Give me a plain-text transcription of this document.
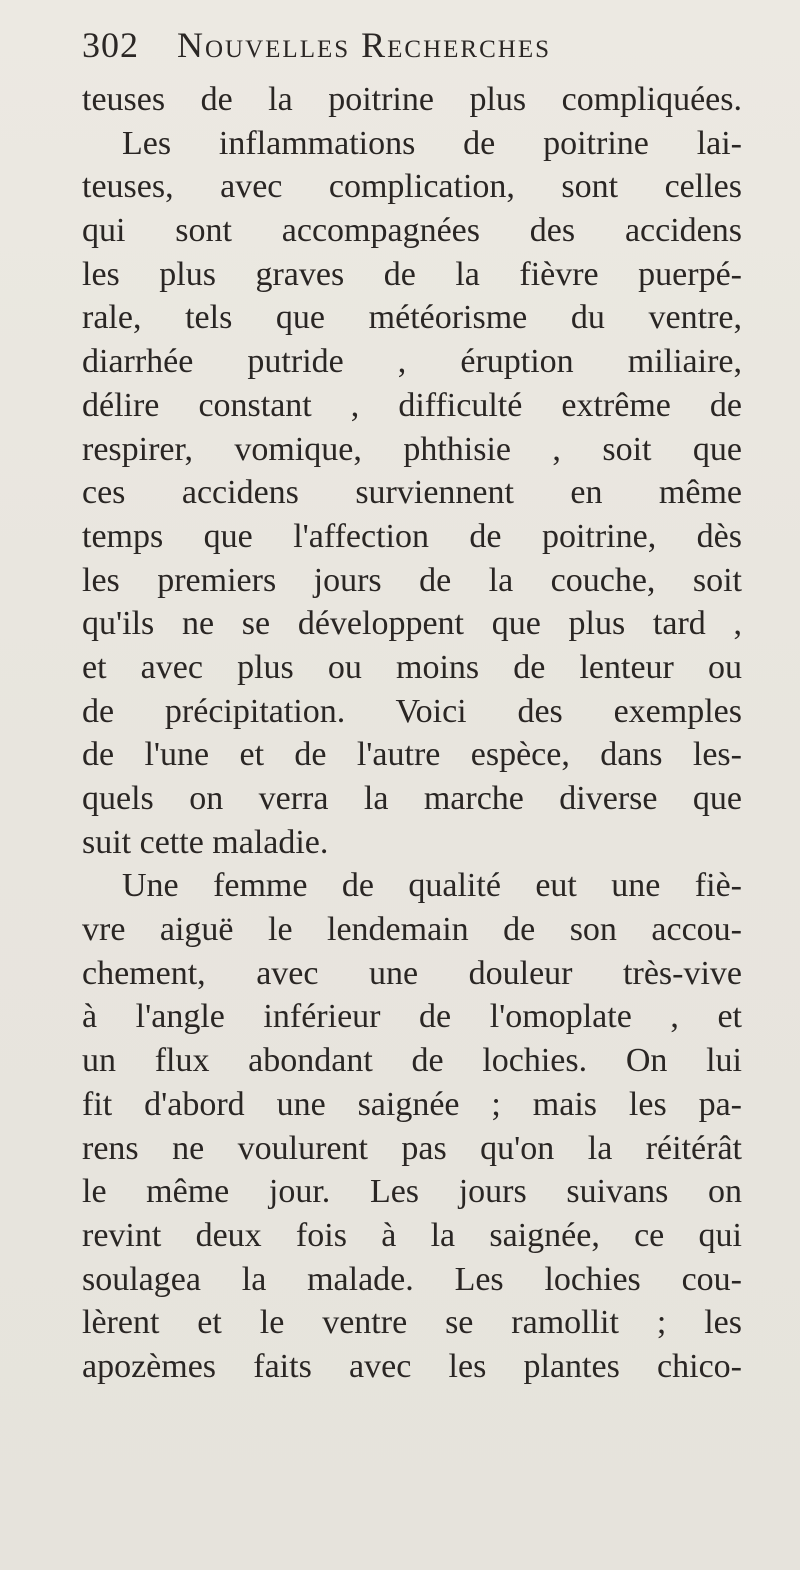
302 Nouvelles Recherches
teuses de la poitrine plus compliquées.
Les inflammations de poitrine lai-
teuses, avec complication, sont celles
qui sont accompagnées des accidens
les plus graves de la fièvre puerpé-
rale, tels que météorisme du ventre,
diarrhée putride , éruption miliaire,
délire constant , difficulté extrême de
respirer, vomique, phthisie , soit que
ces accidens surviennent en même
temps que l'affection de poitrine, dès
les premiers jours de la couche, soit
qu'ils ne se développent que plus tard ,
et avec plus ou moins de lenteur ou
de précipitation. Voici des exemples
de l'une et de l'autre espèce, dans les-
quels on verra la marche diverse que
suit cette maladie.
Une femme de qualité eut une fiè-
vre aiguë le lendemain de son accou-
chement, avec une douleur très-vive
à l'angle inférieur de l'omoplate , et
un flux abondant de lochies. On lui
fit d'abord une saignée ; mais les pa-
rens ne voulurent pas qu'on la réitérât
le même jour. Les jours suivans on
revint deux fois à la saignée, ce qui
soulagea la malade. Les lochies cou-
lèrent et le ventre se ramollit ; les
apozèmes faits avec les plantes chico-
